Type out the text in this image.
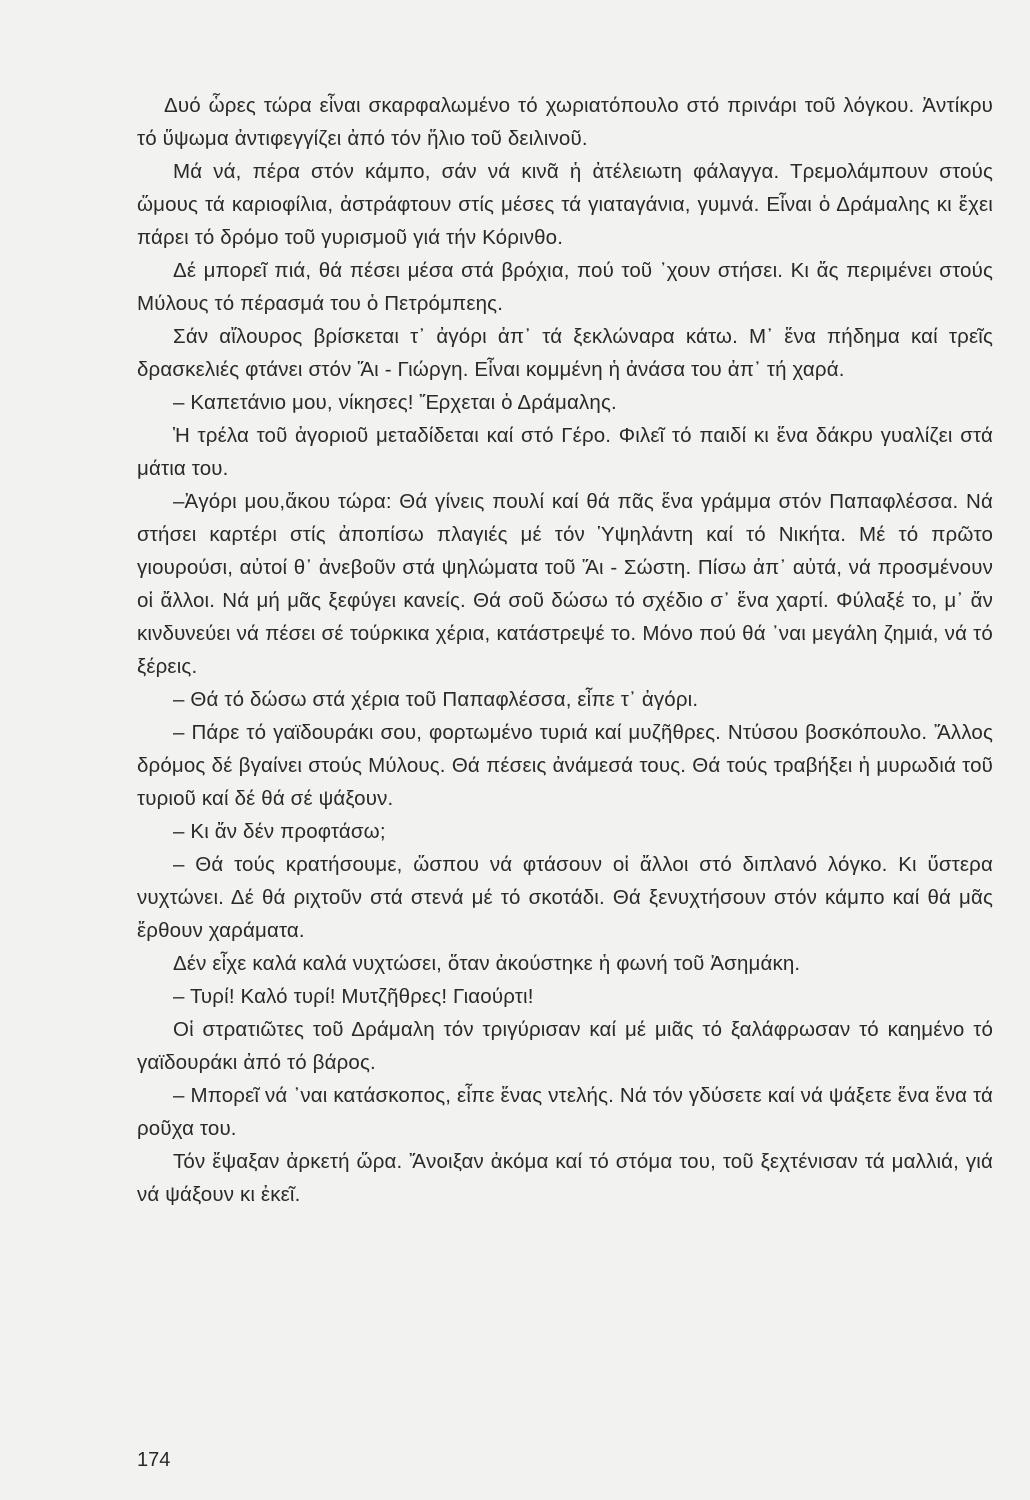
Δυό ὧρες τώρα εἶναι σκαρφαλωμένο τό χωριατόπουλο στό πρινάρι τοῦ λόγκου. Ἀντίκρυ τό ὕψωμα ἀντιφεγγίζει ἀπό τόν ἥλιο τοῦ δειλινοῦ.

Μά νά, πέρα στόν κάμπο, σάν νά κινᾶ ἡ ἀτέλειωτη φάλαγγα. Τρεμολάμπουν στούς ὥμους τά καριοφίλια, ἀστράφτουν στίς μέσες τά γιαταγάνια, γυμνά. Εἶναι ὁ Δράμαλης κι ἔχει πάρει τό δρόμο τοῦ γυρισμοῦ γιά τήν Κόρινθο.

Δέ μπορεῖ πιά, θά πέσει μέσα στά βρόχια, πού τοῦ ᾽χουν στήσει. Κι ἄς περιμένει στούς Μύλους τό πέρασμά του ὁ Πετρόμπεης.

Σάν αἴλουρος βρίσκεται τ᾽ ἀγόρι ἀπ᾽ τά ξεκλώναρα κάτω. Μ᾽ ἕνα πήδημα καί τρεῖς δρασκελιές φτάνει στόν Ἅι - Γιώργη. Εἶναι κομμένη ἡ ἀνάσα του ἀπ᾽ τή χαρά.

– Καπετάνιο μου, νίκησες! Ἔρχεται ὁ Δράμαλης.

Ἡ τρέλα τοῦ ἀγοριοῦ μεταδίδεται καί στό Γέρο. Φιλεῖ τό παιδί κι ἕνα δάκρυ γυαλίζει στά μάτια του.

–Ἀγόρι μου,ἄκου τώρα: Θά γίνεις πουλί καί θά πᾶς ἕνα γράμμα στόν Παπαφλέσσα. Νά στήσει καρτέρι στίς ἀποπίσω πλαγιές μέ τόν Ὑψηλάντη καί τό Νικήτα. Μέ τό πρῶτο γιουρούσι, αὐτοί θ᾽ ἀνεβοῦν στά ψηλώματα τοῦ Ἅι - Σώστη. Πίσω ἀπ᾽ αὐτά, νά προσμένουν οἱ ἄλλοι. Νά μή μᾶς ξεφύγει κανείς. Θά σοῦ δώσω τό σχέδιο σ᾽ ἕνα χαρτί. Φύλαξέ το, μ᾽ ἄν κινδυνεύει νά πέσει σέ τούρκικα χέρια, κατάστρεψέ το. Μόνο πού θά ᾽ναι μεγάλη ζημιά, νά τό ξέρεις.

– Θά τό δώσω στά χέρια τοῦ Παπαφλέσσα, εἶπε τ᾽ ἀγόρι.

– Πάρε τό γαϊδουράκι σου, φορτωμένο τυριά καί μυζῆθρες. Ντύσου βοσκόπουλο. Ἄλλος δρόμος δέ βγαίνει στούς Μύλους. Θά πέσεις ἀνάμεσά τους. Θά τούς τραβήξει ἡ μυρωδιά τοῦ τυριοῦ καί δέ θά σέ ψάξουν.

– Κι ἄν δέν προφτάσω;

– Θά τούς κρατήσουμε, ὥσπου νά φτάσουν οἱ ἄλλοι στό διπλανό λόγκο. Κι ὕστερα νυχτώνει. Δέ θά ριχτοῦν στά στενά μέ τό σκοτάδι. Θά ξενυχτήσουν στόν κάμπο καί θά μᾶς ἔρθουν χαράματα.

Δέν εἶχε καλά καλά νυχτώσει, ὅταν ἀκούστηκε ἡ φωνή τοῦ Ἀσημάκη.

– Τυρί! Καλό τυρί! Μυτζῆθρες! Γιαούρτι!

Οἱ στρατιῶτες τοῦ Δράμαλη τόν τριγύρισαν καί μέ μιᾶς τό ξαλάφρωσαν τό καημένο τό γαϊδουράκι ἀπό τό βάρος.

– Μπορεῖ νά ᾽ναι κατάσκοπος, εἶπε ἕνας ντελής. Νά τόν γδύσετε καί νά ψάξετε ἕνα ἕνα τά ροῦχα του.

Τόν ἔψαξαν ἀρκετή ὥρα. Ἄνοιξαν ἀκόμα καί τό στόμα του, τοῦ ξεχτένισαν τά μαλλιά, γιά νά ψάξουν κι ἐκεῖ.

174
